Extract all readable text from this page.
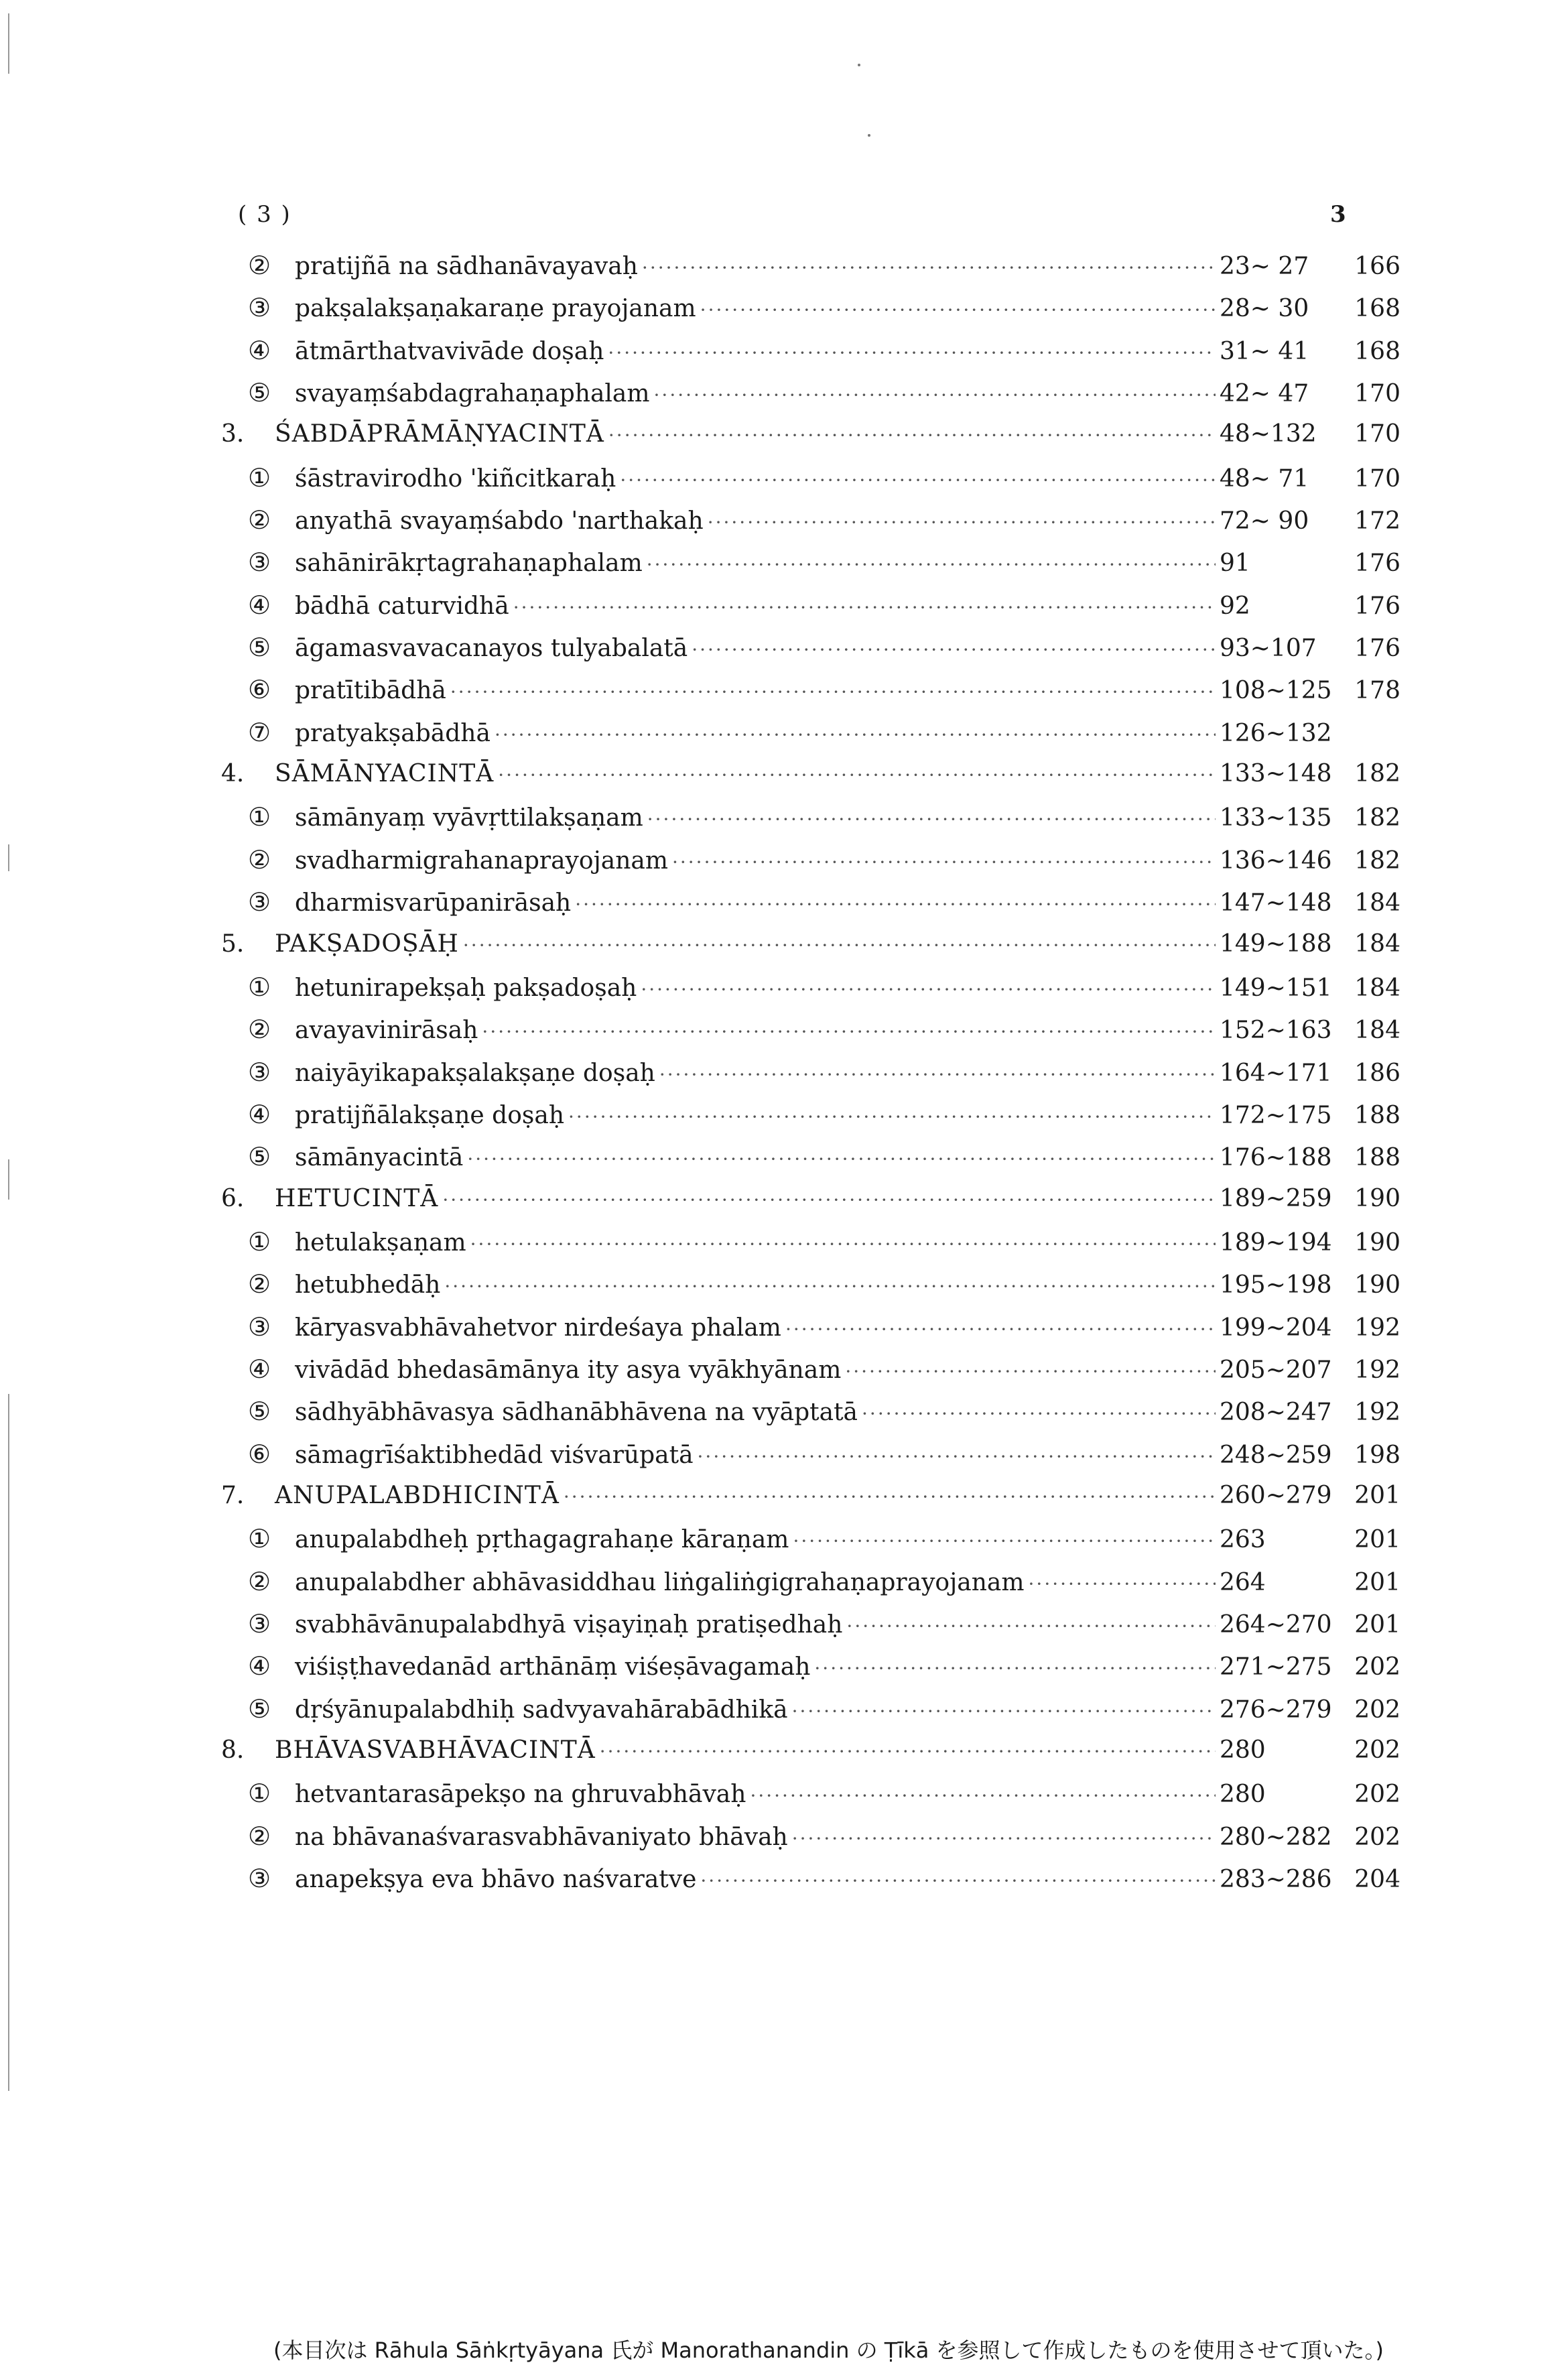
( 3 )	3
② pratijñā na sādhanāvayavaḥ ·····	23~ 27	166
③ pakṣalakṣaṇakaraṇe prayojanam ·····	28~ 30	168
④ ātmārthatvavivāde doṣaḥ ·····	31~ 41	168
⑤ svayaṃśabdagrahaṇaphalam ·····	42~ 47	170
3.	ŚABDĀPRĀMĀṆYACINTĀ ·····	48~132	170
① śāstravirodho 'kiñcitkaraḥ ·····	48~ 71	170
② anyathā svayaṃśabdo 'narthakaḥ ·····	72~ 90	172
③ sahānirākṛtagrahaṇaphalam ·····	91	176
④ bādhā caturvidhā ·····	92	176
⑤ āgamasvavacanayos tulyabalatā ·····	93~107	176
⑥ pratītibādhā ·····	108~125 178
⑦ pratyakṣabādhā ·····	126~132
4.	SĀMĀNYACINTĀ ·····	133~148 182
① sāmānyaṃ vyāvṛttilakṣaṇam ·····	133~135 182
② svadharmigrahanaprayojanam ·····	136~146 182
③ dharmisvarūpanirāsaḥ ·····	147~148 184
5.	PAKṢADOṢĀḤ ·····	149~188 184
① hetunirapekṣaḥ pakṣadoṣaḥ ·····	149~151 184
② avayavinirāsaḥ ·····	152~163 184
③ naiyāyikapakṣalakṣaṇe doṣaḥ ·····	164~171 186
④ pratijñālakṣaṇe doṣaḥ ·····	172~175 188
⑤ sāmānyacintā ·····	176~188 188
6.	HETUCINTĀ ·····	189~259 190
① hetulakṣaṇam ·····	189~194 190
② hetubhedāḥ ·····	195~198 190
③ kāryasvabhāvahetvor nirdeśaya phalam ·····	199~204 192
④ vivādād bhedasāmānya ity asya vyākhyānam ·····	205~207 192
⑤ sādhyābhāvasya sādhanābhāvena na vyāptatā ·····	208~247 192
⑥ sāmagrīśaktibhedād viśvarūpatā ·····	248~259 198
7.	ANUPALABDHICINTĀ ·····	260~279 201
① anupalabdheḥ pṛthagagrahaṇe kāraṇam ·····	263	201
② anupalabdher abhāvasiddhau liṅgaliṅgigrahaṇaprayojanam ·····	264	201
③ svabhāvānupalabdhyā viṣayiṇaḥ pratiṣedhaḥ ·····	264~270 201
④ viśiṣṭhavedanād arthānāṃ viśeṣāvagamaḥ ·····	271~275 202
⑤ dṛśyānupalabdhiḥ sadvyavahārabādhikā ·····	276~279 202
8.	BHĀVASVABHĀVACINTĀ ·····	280	202
① hetvantarasāpekṣo na ghruvabhāvaḥ ·····	280	202
② na bhāvanaśvarasvabhāvaniyato bhāvaḥ ·····	280~282 202
③ anapekṣya eva bhāvo naśvaratve ·····	283~286 204
(本目次は Rāhula Sāṅkṛtyāyana 氏が Manorathanandin の Ṭīkā を参照して作成したものを使用させて頂いた。)
